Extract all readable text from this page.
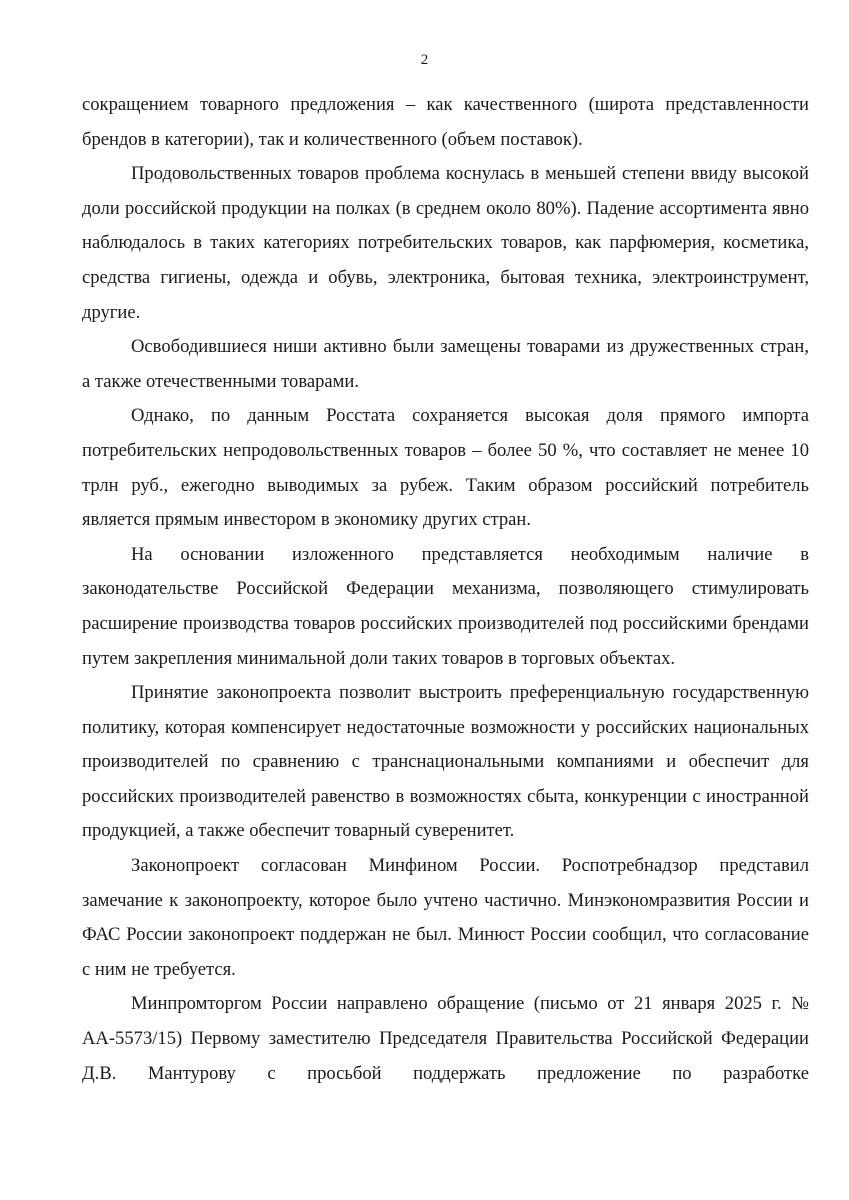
2

сокращением товарного предложения – как качественного (широта представленности брендов в категории), так и количественного (объем поставок).

Продовольственных товаров проблема коснулась в меньшей степени ввиду высокой доли российской продукции на полках (в среднем около 80%). Падение ассортимента явно наблюдалось в таких категориях потребительских товаров, как парфюмерия, косметика, средства гигиены, одежда и обувь, электроника, бытовая техника, электроинструмент, другие.

Освободившиеся ниши активно были замещены товарами из дружественных стран, а также отечественными товарами.

Однако, по данным Росстата сохраняется высокая доля прямого импорта потребительских непродовольственных товаров – более 50 %, что составляет не менее 10 трлн руб., ежегодно выводимых за рубеж. Таким образом российский потребитель является прямым инвестором в экономику других стран.

На основании изложенного представляется необходимым наличие в законодательстве Российской Федерации механизма, позволяющего стимулировать расширение производства товаров российских производителей под российскими брендами путем закрепления минимальной доли таких товаров в торговых объектах.

Принятие законопроекта позволит выстроить преференциальную государственную политику, которая компенсирует недостаточные возможности у российских национальных производителей по сравнению с транснациональными компаниями и обеспечит для российских производителей равенство в возможностях сбыта, конкуренции с иностранной продукцией, а также обеспечит товарный суверенитет.

Законопроект согласован Минфином России. Роспотребнадзор представил замечание к законопроекту, которое было учтено частично. Минэкономразвития России и ФАС России законопроект поддержан не был. Минюст России сообщил, что согласование с ним не требуется.

Минпромторгом России направлено обращение (письмо от 21 января 2025 г. № АА-5573/15) Первому заместителю Председателя Правительства Российской Федерации Д.В. Мантурову с просьбой поддержать предложение по разработке
